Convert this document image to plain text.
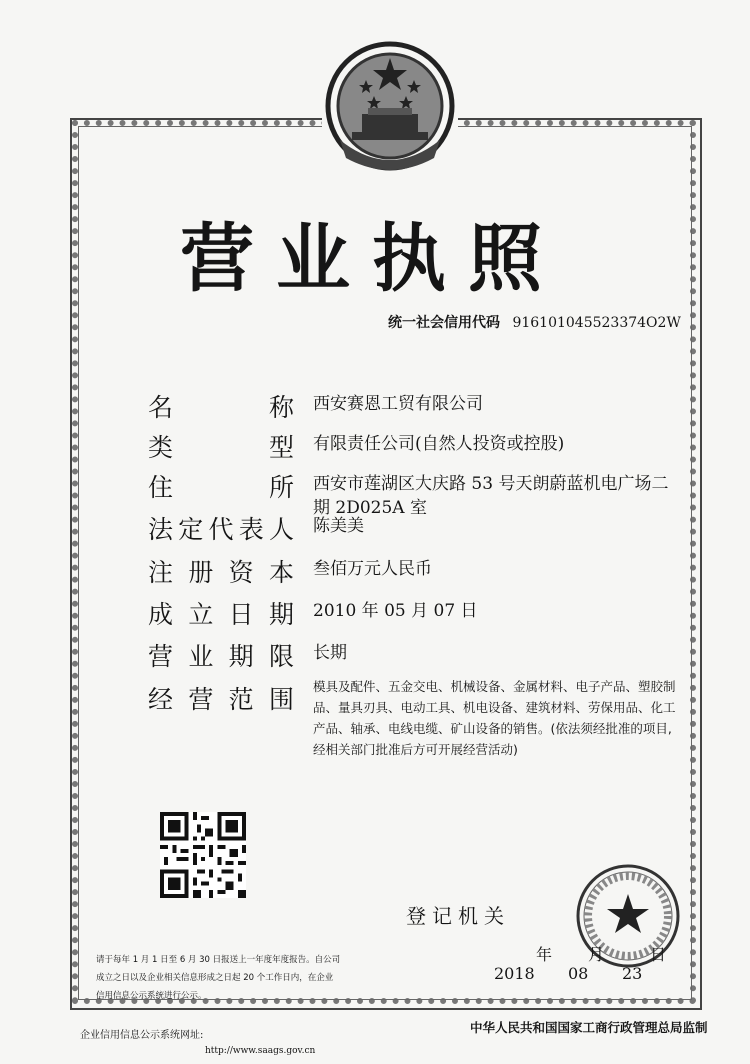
营业执照
统一社会信用代码 916101045523374O2W
名称 西安赛恩工贸有限公司
类型 有限责任公司(自然人投资或控股)
住所 西安市莲湖区大庆路 53 号天朗蔚蓝机电广场二
期 2D025A 室
法定代表人 陈美美
注册资本 叁佰万元人民币
成立日期 2010 年 05 月 07 日
营业期限 长期
经营范围 模具及配件、五金交电、机械设备、金属材料、电子产品、塑胶制
品、量具刃具、电动工具、机电设备、建筑材料、劳保用品、化工
产品、轴承、电线电缆、矿山设备的销售。(依法须经批准的项目,
经相关部门批准后方可开展经营活动)
登记机关
年 月	日
2018 08 23
请于每年 1 月 1 日至 6 月 30 日报送上一年度年度报告。自公司
成立之日以及企业相关信息形成之日起 20 个工作日内，在企业
信用信息公示系统进行公示。
企业信用信息公示系统网址:
http://www.saags.gov.cn
中华人民共和国国家工商行政管理总局监制
